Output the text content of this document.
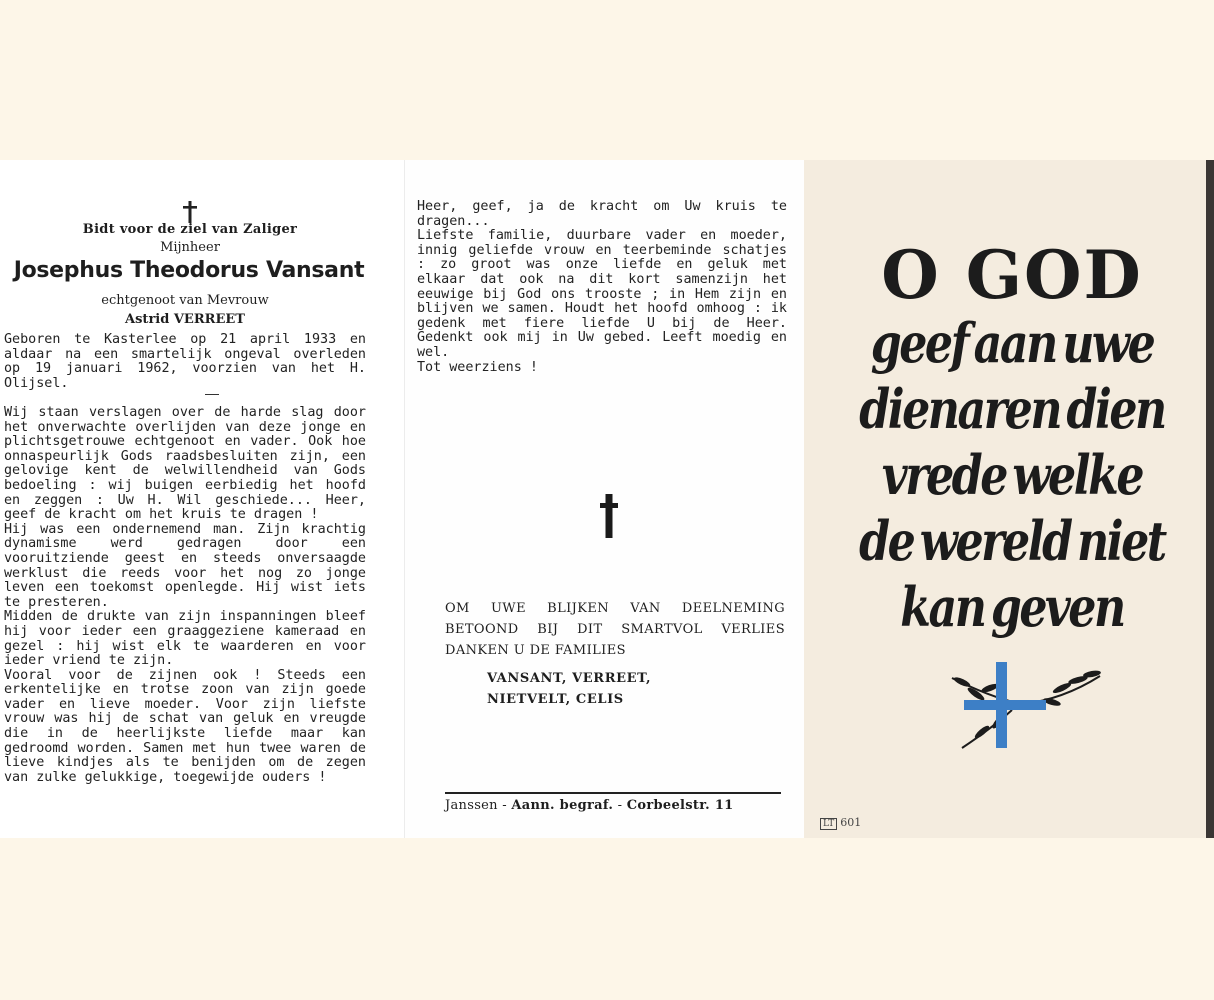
Bidt voor de ziel van Zaliger
Mijnheer
Josephus Theodorus Vansant
echtgenoot van Mevrouw
Astrid VERREET
Geboren te Kasterlee op 21 april 1933 en aldaar na een smartelijk ongeval overleden op 19 januari 1962, voorzien van het H. Olijsel.

Wij staan verslagen over de harde slag door het onverwachte overlijden van deze jonge en plichtsgetrouwe echtgenoot en vader. Ook hoe onnaspeurlijk Gods raadsbesluiten zijn, een gelovige kent de welwillendheid van Gods bedoeling : wij buigen eerbiedig het hoofd en zeggen : Uw H. Wil geschiede... Heer, geef de kracht om het kruis te dragen !

Hij was een ondernemend man. Zijn krachtig dynamisme werd gedragen door een vooruitziende geest en steeds onversaagde werklust die reeds voor het nog zo jonge leven een toekomst openlegde. Hij wist iets te presteren.

Midden de drukte van zijn inspanningen bleef hij voor ieder een graaggeziene kameraad en gezel : hij wist elk te waarderen en voor ieder vriend te zijn.

Vooral voor de zijnen ook ! Steeds een erkentelijke en trotse zoon van zijn goede vader en lieve moeder. Voor zijn liefste vrouw was hij de schat van geluk en vreugde die in de heerlijkste liefde maar kan gedroomd worden. Samen met hun twee waren de lieve kindjes als te benijden om de zegen van zulke gelukkige, toegewijde ouders !

Heer, geef, ja de kracht om Uw kruis te dragen...

Liefste familie, duurbare vader en moeder, innig geliefde vrouw en teerbeminde schatjes : zo groot was onze liefde en geluk met elkaar dat ook na dit kort samenzijn het eeuwige bij God ons trooste ; in Hem zijn en blijven we samen. Houdt het hoofd omhoog : ik gedenk met fiere liefde U bij de Heer. Gedenkt ook mij in Uw gebed. Leeft moedig en wel.

Tot weerziens !

OM UWE BLIJKEN VAN DEELNEMING BETOOND BIJ DIT SMARTVOL VERLIES DANKEN U DE FAMILIES
VANSANT, VERREET,
NIETVELT, CELIS
Janssen - Aann. begraf. - Corbeelstr. 11
O GOD
geef aan uwe
dienaren dien
vrede welke
de wereld niet
kan geven
LT 601
